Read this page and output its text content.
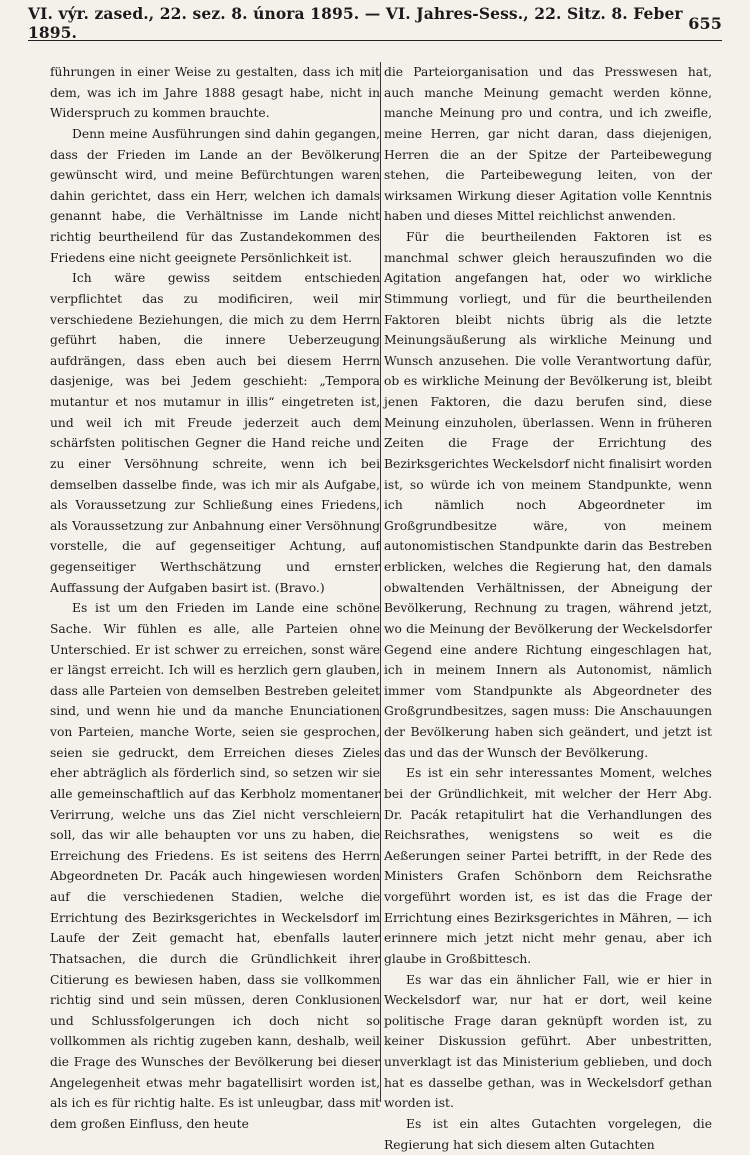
VI. výr. zased., 22. sez. 8. února 1895. — VI. Jahres-Sess., 22. Sitz. 8. Feber 1895.	655

führungen in einer Weise zu gestalten, dass ich mit dem, was ich im Jahre 1888 gesagt habe, nicht in Widerspruch zu kommen brauchte.

Denn meine Ausführungen sind dahin gegangen, dass der Frieden im Lande an der Bevölkerung gewünscht wird, und meine Befürchtungen waren dahin gerichtet, dass ein Herr, welchen ich damals genannt habe, die Verhältnisse im Lande nicht richtig beurtheilend für das Zustandekommen des Friedens eine nicht geeignete Persönlichkeit ist.

Ich wäre gewiss seitdem entschieden verpflichtet das zu modificiren, weil mir verschiedene Beziehungen, die mich zu dem Herrn geführt haben, die innere Ueberzeugung aufdrängen, dass eben auch bei diesem Herrn dasjenige, was bei Jedem geschieht: „Tempora mutantur et nos mutamur in illis“ eingetreten ist, und weil ich mit Freude jederzeit auch dem schärfsten politischen Gegner die Hand reiche und zu einer Versöhnung schreite, wenn ich bei demselben dasselbe finde, was ich mir als Aufgabe, als Voraussetzung zur Schließung eines Friedens, als Voraussetzung zur Anbahnung einer Versöhnung vorstelle, die auf gegenseitiger Achtung, auf gegenseitiger Werthschätzung und ernster Auffassung der Aufgaben basirt ist. (Bravo.)

Es ist um den Frieden im Lande eine schöne Sache. Wir fühlen es alle, alle Parteien ohne Unterschied. Er ist schwer zu erreichen, sonst wäre er längst erreicht. Ich will es herzlich gern glauben, dass alle Parteien von demselben Bestreben geleitet sind, und wenn hie und da manche Enunciationen von Parteien, manche Worte, seien sie gesprochen, seien sie gedruckt, dem Erreichen dieses Zieles eher abträglich als förderlich sind, so setzen wir sie alle gemeinschaftlich auf das Kerbholz momentaner Verirrung, welche uns das Ziel nicht verschleiern soll, das wir alle behaupten vor uns zu haben, die Erreichung des Friedens. Es ist seitens des Herrn Abgeordneten Dr. Pacák auch hingewiesen worden auf die verschiedenen Stadien, welche die Errichtung des Bezirksgerichtes in Weckelsdorf im Laufe der Zeit gemacht hat, ebenfalls lauter Thatsachen, die durch die Gründlichkeit ihrer Citierung es bewiesen haben, dass sie vollkommen richtig sind und sein müssen, deren Conklusionen und Schlussfolgerungen ich doch nicht so vollkommen als richtig zugeben kann, deshalb, weil die Frage des Wunsches der Bevölkerung bei dieser Angelegenheit etwas mehr bagatellisirt worden ist, als ich es für richtig halte. Es ist unleugbar, dass mit dem großen Einfluss, den heute

die Parteiorganisation und das Presswesen hat, auch manche Meinung gemacht werden könne, manche Meinung pro und contra, und ich zweifle, meine Herren, gar nicht daran, dass diejenigen, Herren die an der Spitze der Parteibewegung stehen, die Parteibewegung leiten, von der wirksamen Wirkung dieser Agitation volle Kenntnis haben und dieses Mittel reichlichst anwenden.

Für die beurtheilenden Faktoren ist es manchmal schwer gleich herauszufinden wo die Agitation angefangen hat, oder wo wirkliche Stimmung vorliegt, und für die beurtheilenden Faktoren bleibt nichts übrig als die letzte Meinungsäußerung als wirkliche Meinung und Wunsch anzusehen. Die volle Verantwortung dafür, ob es wirkliche Meinung der Bevölkerung ist, bleibt jenen Faktoren, die dazu berufen sind, diese Meinung einzuholen, überlassen. Wenn in früheren Zeiten die Frage der Errichtung des Bezirksgerichtes Weckelsdorf nicht finalisirt worden ist, so würde ich von meinem Standpunkte, wenn ich nämlich noch Abgeordneter im Großgrundbesitze wäre, von meinem autonomistischen Standpunkte darin das Bestreben erblicken, welches die Regierung hat, den damals obwaltenden Verhältnissen, der Abneigung der Bevölkerung, Rechnung zu tragen, während jetzt, wo die Meinung der Bevölkerung der Weckelsdorfer Gegend eine andere Richtung eingeschlagen hat, ich in meinem Innern als Autonomist, nämlich immer vom Standpunkte als Abgeordneter des Großgrundbesitzes, sagen muss: Die Anschauungen der Bevölkerung haben sich geändert, und jetzt ist das und das der Wunsch der Bevölkerung.

Es ist ein sehr interessantes Moment, welches bei der Gründlichkeit, mit welcher der Herr Abg. Dr. Pacák retapitulirt hat die Verhandlungen des Reichsrathes, wenigstens so weit es die Aeßerungen seiner Partei betrifft, in der Rede des Ministers Grafen Schönborn dem Reichsrathe vorgeführt worden ist, es ist das die Frage der Errichtung eines Bezirksgerichtes in Mähren, — ich erinnere mich jetzt nicht mehr genau, aber ich glaube in Großbittesch.

Es war das ein ähnlicher Fall, wie er hier in Weckelsdorf war, nur hat er dort, weil keine politische Frage daran geknüpft worden ist, zu keiner Diskussion geführt. Aber unbestritten, unverklagt ist das Ministerium geblieben, und doch hat es dasselbe gethan, was in Weckelsdorf gethan worden ist.

Es ist ein altes Gutachten vorgelegen, die Regierung hat sich diesem alten Gutachten
